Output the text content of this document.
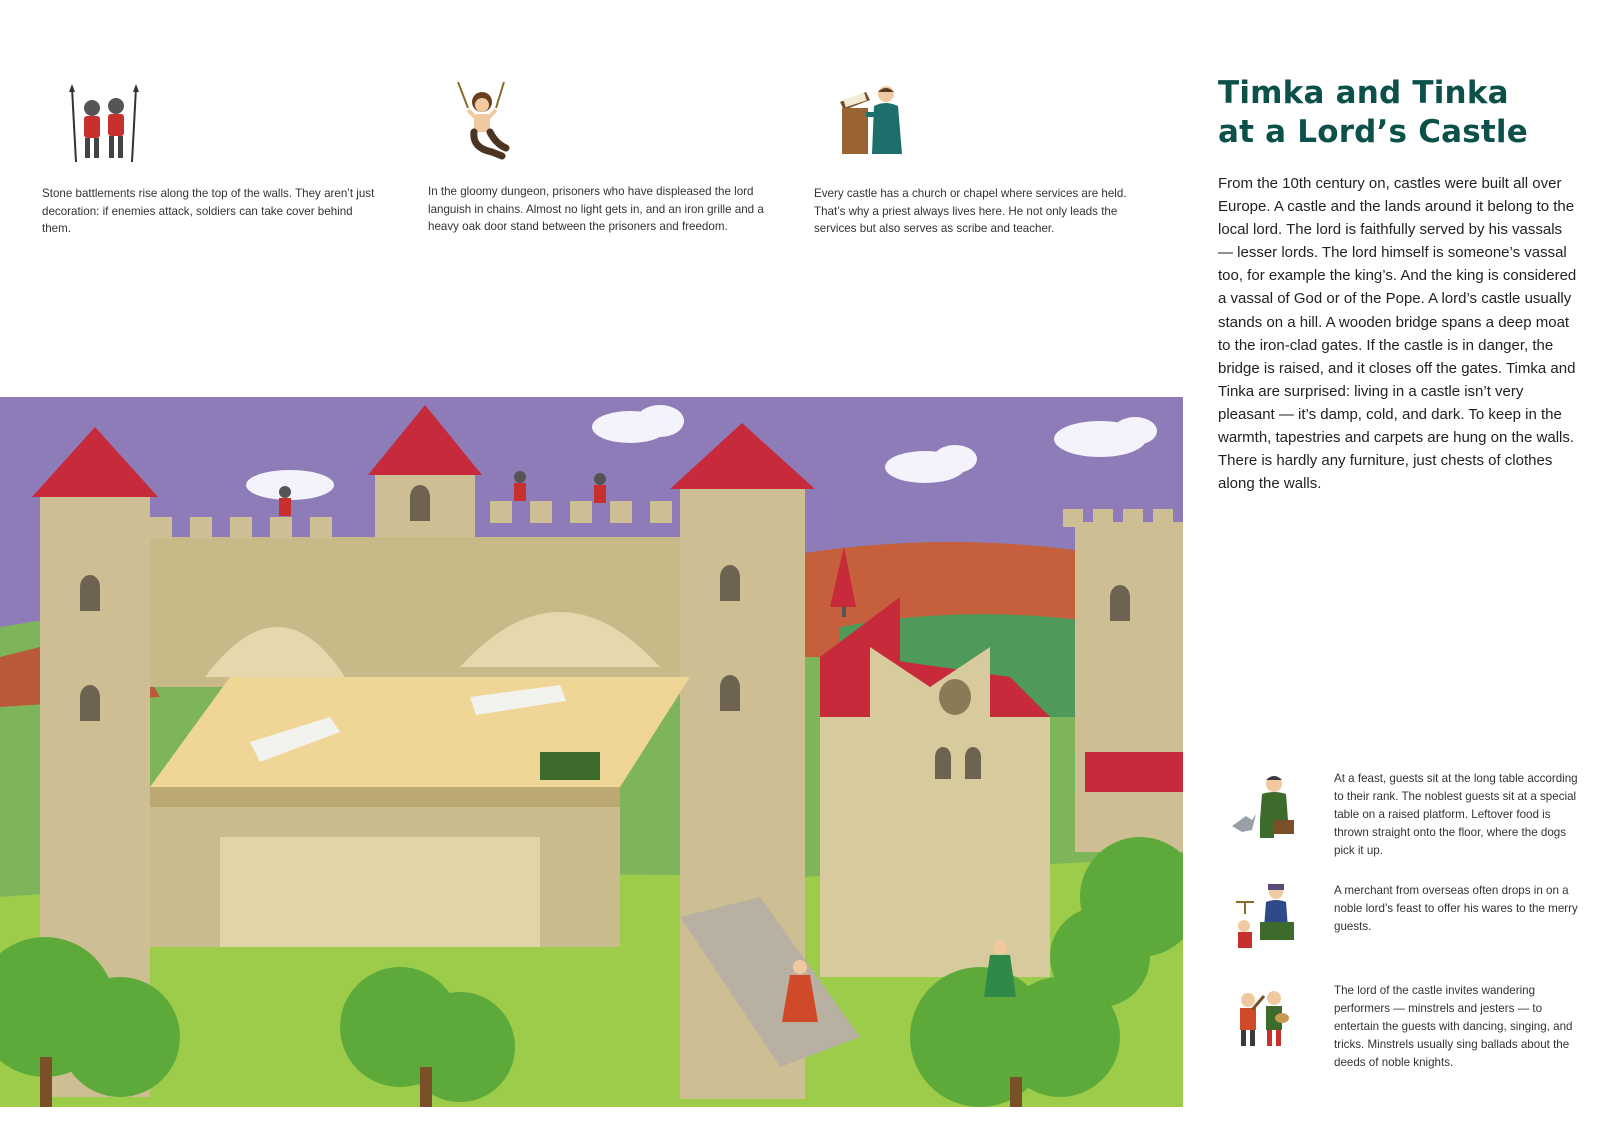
Stone battlements rise along the top of the walls. They aren’t just decoration: if enemies attack, soldiers can take cover behind them.

In the gloomy dungeon, prisoners who have displeased the lord languish in chains. Almost no light gets in, and an iron grille and a heavy oak door stand between the prisoners and freedom.

Every castle has a church or chapel where services are held. That’s why a priest always lives here. He not only leads the services but also serves as scribe and teacher.

Timka and Tinka
at a Lord’s Castle

From the 10th century on, castles were built all over Europe. A castle and the lands around it belong to the local lord. The lord is faithfully served by his vassals — lesser lords. The lord himself is someone’s vassal too, for example the king’s. And the king is considered a vassal of God or of the Pope. A lord’s castle usually stands on a hill. A wooden bridge spans a deep moat to the iron-clad gates. If the castle is in danger, the bridge is raised, and it closes off the gates. Timka and Tinka are surprised: living in a castle isn’t very pleasant — it’s damp, cold, and dark. To keep in the warmth, tapestries and carpets are hung on the walls. There is hardly any furniture, just chests of clothes along the walls.

At a feast, guests sit at the long table according to their rank. The noblest guests sit at a special table on a raised platform. Leftover food is thrown straight onto the floor, where the dogs pick it up.

A merchant from overseas often drops in on a noble lord’s feast to offer his wares to the merry guests.

The lord of the castle invites wandering performers — minstrels and jesters — to entertain the guests with dancing, singing, and tricks. Minstrels usually sing ballads about the deeds of noble knights.
